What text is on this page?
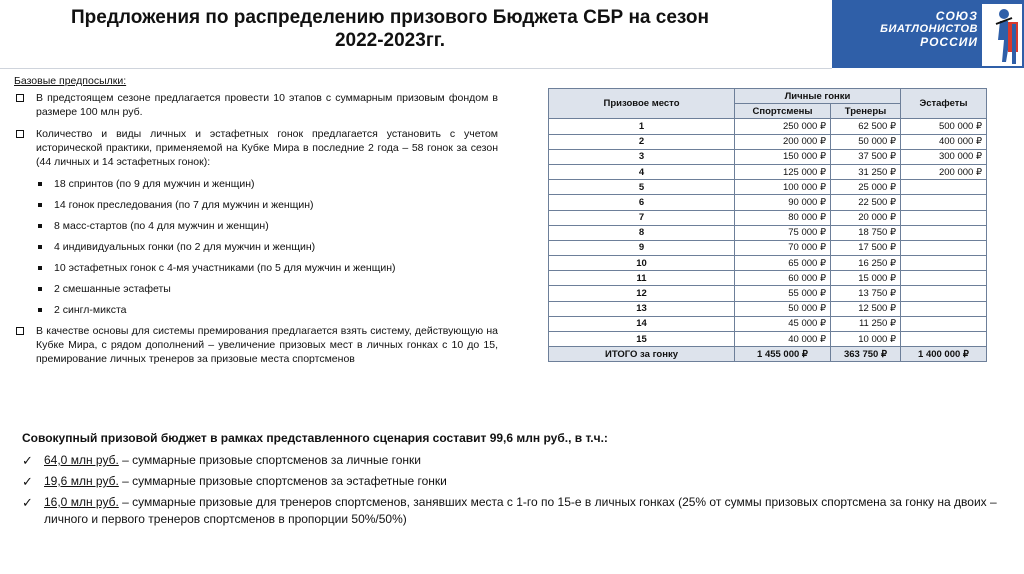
Предложения по распределению призового Бюджета СБР на сезон
2022-2023гг.
СОЮЗ
БИАТЛОНИСТОВ
РОССИИ
Базовые предпосылки:
В предстоящем сезоне предлагается провести 10 этапов с суммарным призовым фондом в размере 100 млн руб.
Количество и виды личных и эстафетных гонок предлагается установить с учетом исторической практики, применяемой на Кубке Мира в последние 2 года – 58 гонок за сезон (44 личных и 14 эстафетных гонок):
18 спринтов (по 9 для мужчин и женщин)
14 гонок преследования (по 7 для мужчин и женщин)
8 масс-стартов (по 4 для мужчин и женщин)
4 индивидуальных гонки (по 2 для мужчин и женщин)
10 эстафетных гонок с 4-мя участниками (по 5 для мужчин и женщин)
2 смешанные эстафеты
2 сингл-микста
В качестве основы для системы премирования предлагается взять систему, действующую на Кубке Мира, с рядом дополнений – увеличение призовых мест в личных гонках с 10 до 15, премирование личных тренеров за призовые места спортсменов
Призовое место	Личные гонки		Эстафеты
	Спортсмены	Тренеры	
1	250 000 ₽	62 500 ₽	500 000 ₽
2	200 000 ₽	50 000 ₽	400 000 ₽
3	150 000 ₽	37 500 ₽	300 000 ₽
4	125 000 ₽	31 250 ₽	200 000 ₽
5	100 000 ₽	25 000 ₽	
6	90 000 ₽	22 500 ₽	
7	80 000 ₽	20 000 ₽	
8	75 000 ₽	18 750 ₽	
9	70 000 ₽	17 500 ₽	
10	65 000 ₽	16 250 ₽	
11	60 000 ₽	15 000 ₽	
12	55 000 ₽	13 750 ₽	
13	50 000 ₽	12 500 ₽	
14	45 000 ₽	11 250 ₽	
15	40 000 ₽	10 000 ₽	
ИТОГО за гонку	1 455 000 ₽	363 750 ₽	1 400 000 ₽
Совокупный призовой бюджет в рамках представленного сценария составит 99,6 млн руб., в т.ч.:
✓ 64,0 млн руб. – суммарные призовые спортсменов за личные гонки
✓ 19,6 млн руб. – суммарные призовые спортсменов за эстафетные гонки
✓ 16,0 млн руб. – суммарные призовые для тренеров спортсменов, занявших места с 1-го по 15-е в личных гонках (25% от суммы призовых спортсмена за гонку на двоих – личного и первого тренеров спортсменов в пропорции 50%/50%)
